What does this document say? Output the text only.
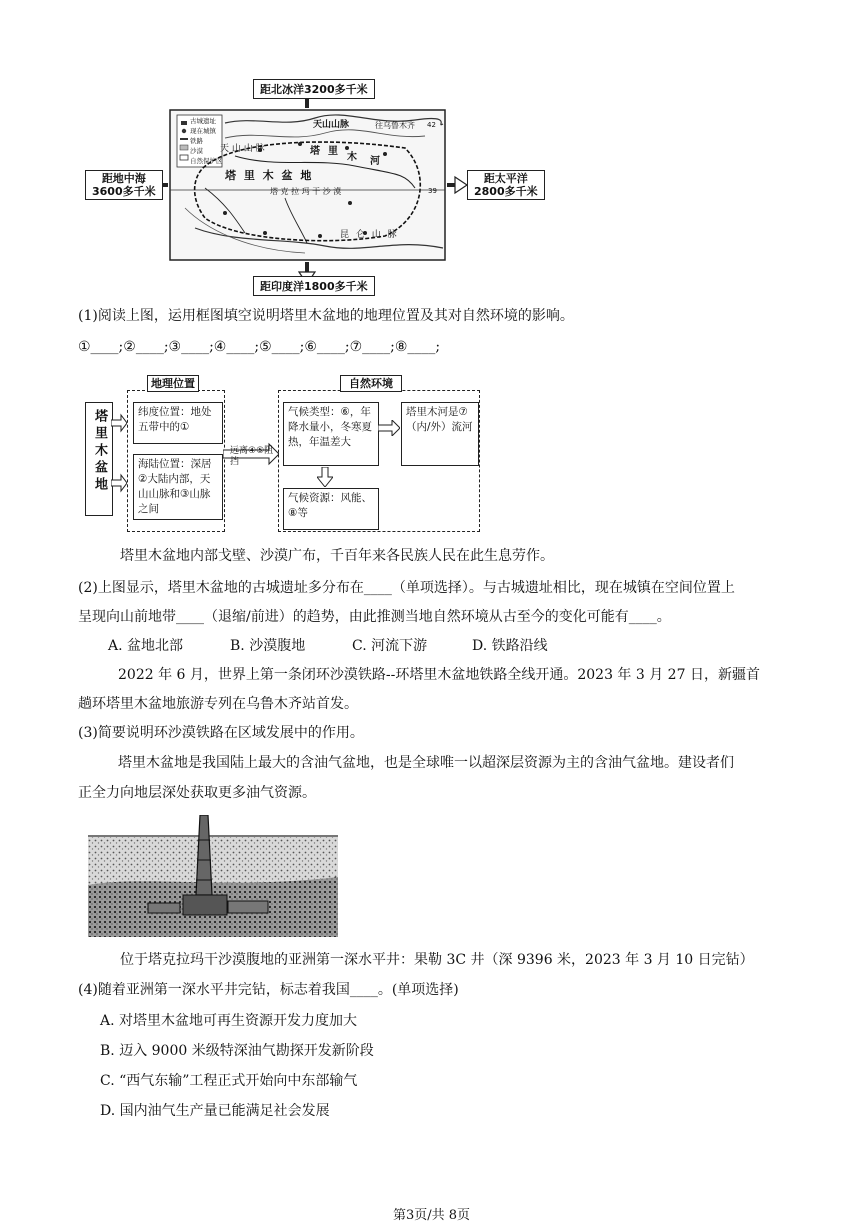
古城遗址
现在城镇
铁路
沙漠
自然保护区
天 山 山 脉
天山山脉	往乌鲁木齐 42
39
塔 里 木 盆 地
塔 克 拉 玛 干 沙 漠
昆 仑 山 脉
塔 里
木 河
距北冰洋3200多千米
距地中海
3600多千米
距太平洋
2800多千米
距印度洋1800多千米
(1)阅读上图，运用框图填空说明塔里木盆地的地理位置及其对自然环境的影响。
①____;②____;③____;④____;⑤____;⑥____;⑦____;⑧____;
塔里木盆地
地理位置
纬度位置：地处五带中的①
海陆位置：深居②大陆内部，天山山脉和③山脉之间
远离④⑤阻挡
自然环境
气候类型：⑥，年降水量小，冬寒夏热，年温差大
塔里木河是⑦（内/外）流河
气候资源：风能、⑧等
塔里木盆地内部戈壁、沙漠广布，千百年来各民族人民在此生息劳作。
(2)上图显示，塔里木盆地的古城遗址多分布在____（单项选择）。与古城遗址相比，现在城镇在空间位置上
呈现向山前地带____（退缩/前进）的趋势，由此推测当地自然环境从古至今的变化可能有____。
A. 盆地北部	B. 沙漠腹地	C. 河流下游	D. 铁路沿线
2022 年 6 月，世界上第一条闭环沙漠铁路--环塔里木盆地铁路全线开通。2023 年 3 月 27 日，新疆首
趟环塔里木盆地旅游专列在乌鲁木齐站首发。
(3)简要说明环沙漠铁路在区域发展中的作用。
塔里木盆地是我国陆上最大的含油气盆地，也是全球唯一以超深层资源为主的含油气盆地。建设者们
正全力向地层深处获取更多油气资源。
位于塔克拉玛干沙漠腹地的亚洲第一深水平井：果勒 3C 井（深 9396 米，2023 年 3 月 10 日完钻）
(4)随着亚洲第一深水平井完钻，标志着我国____。(单项选择)
A. 对塔里木盆地可再生资源开发力度加大
B. 迈入 9000 米级特深油气勘探开发新阶段
C. “西气东输”工程正式开始向中东部输气
D. 国内油气生产量已能满足社会发展
第3页/共 8页
